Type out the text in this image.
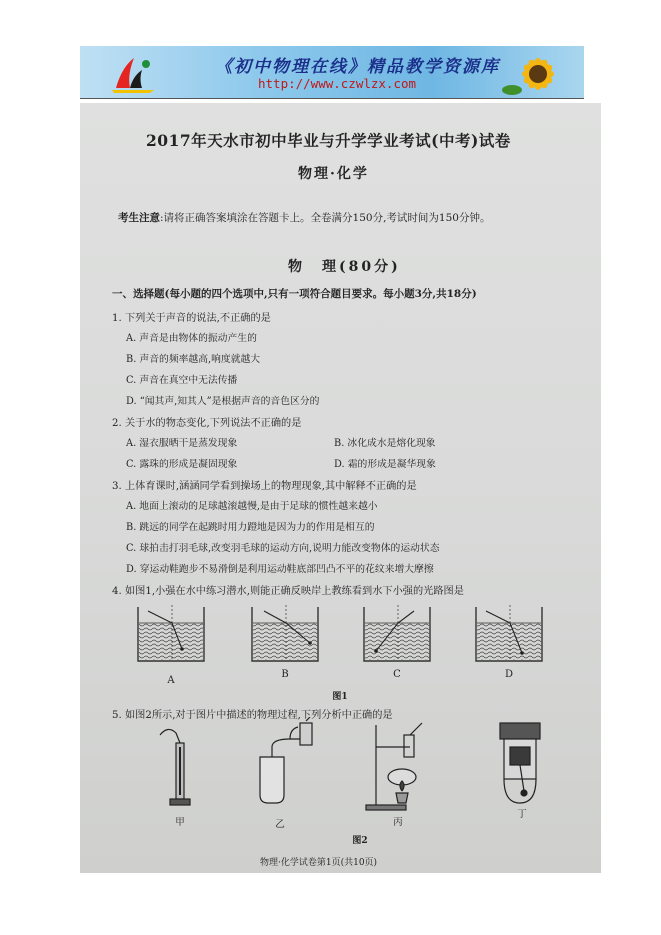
《初中物理在线》精品教学资源库
http://www.czwlzx.com
2017年天水市初中毕业与升学学业考试(中考)试卷
物理·化学
考生注意:请将正确答案填涂在答题卡上。全卷满分150分,考试时间为150分钟。
物　理(80分)
一、选择题(每小题的四个选项中,只有一项符合题目要求。每小题3分,共18分)
1. 下列关于声音的说法,不正确的是
A. 声音是由物体的振动产生的
B. 声音的频率越高,响度就越大
C. 声音在真空中无法传播
D. “闻其声,知其人”是根据声音的音色区分的
2. 关于水的物态变化,下列说法不正确的是
A. 湿衣服晒干是蒸发现象	B. 冰化成水是熔化现象
C. 露珠的形成是凝固现象	D. 霜的形成是凝华现象
3. 上体育课时,涵涵同学看到操场上的物理现象,其中解释不正确的是
A. 地面上滚动的足球越滚越慢,是由于足球的惯性越来越小
B. 跳远的同学在起跳时用力蹬地是因为力的作用是相互的
C. 球拍击打羽毛球,改变羽毛球的运动方向,说明力能改变物体的运动状态
D. 穿运动鞋跑步不易滑倒是利用运动鞋底部凹凸不平的花纹来增大摩擦
4. 如图1,小强在水中练习潜水,则能正确反映岸上教练看到水下小强的光路图是
A
B	C	D
图1
5. 如图2所示,对于图片中描述的物理过程,下列分析中正确的是
甲	乙	丙
丁
图2
物理·化学试卷第1页(共10页)
